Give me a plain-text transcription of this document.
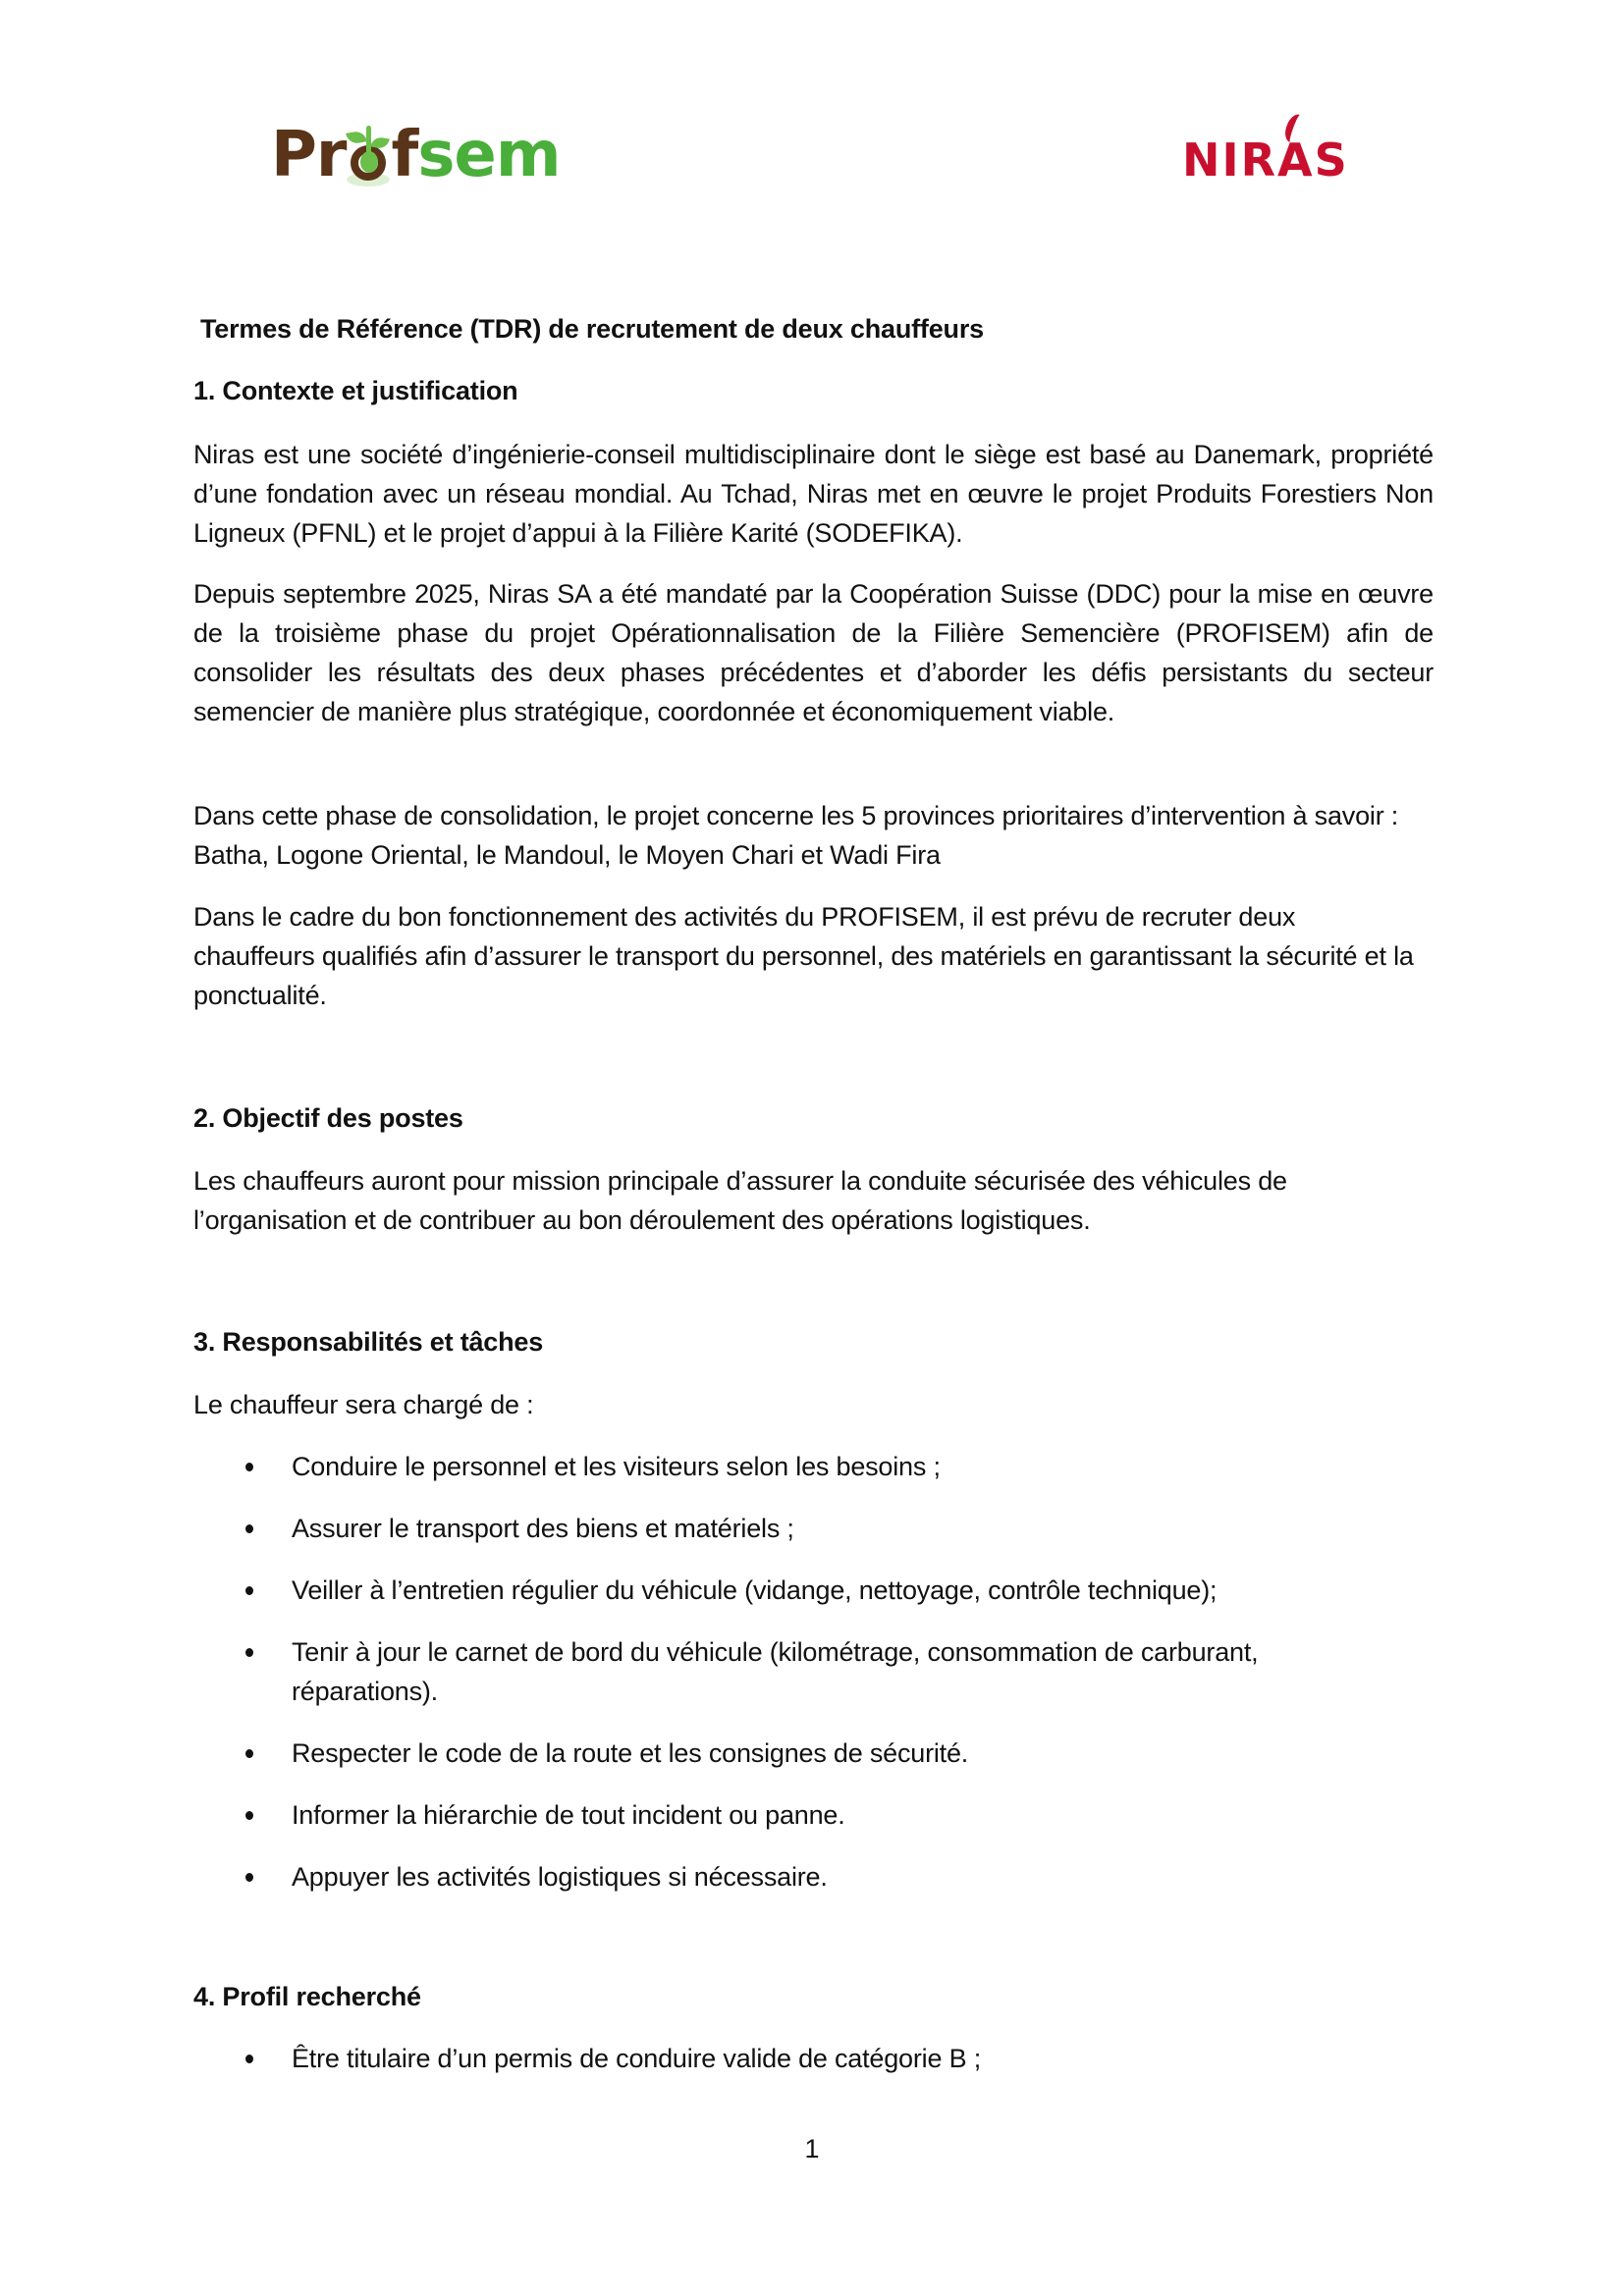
Pr f sem	NIR AS
Termes de Référence (TDR) de recrutement de deux chauffeurs
1. Contexte et justification

Niras est une société d’ingénierie-conseil multidisciplinaire dont le siège est basé au Danemark, propriété d’une fondation avec un réseau mondial. Au Tchad, Niras met en œuvre le projet Produits Forestiers Non Ligneux (PFNL) et le projet d’appui à la Filière Karité (SODEFIKA).

Depuis septembre 2025, Niras SA a été mandaté par la Coopération Suisse (DDC) pour la mise en œuvre de la troisième phase du projet Opérationnalisation de la Filière Semencière (PROFISEM) afin de consolider les résultats des deux phases précédentes et d’aborder les défis persistants du secteur semencier de manière plus stratégique, coordonnée et économiquement viable.

Dans cette phase de consolidation, le projet concerne les 5 provinces prioritaires d’intervention à savoir : Batha, Logone Oriental, le Mandoul, le Moyen Chari et Wadi Fira

Dans le cadre du bon fonctionnement des activités du PROFISEM, il est prévu de recruter deux chauffeurs qualifiés afin d’assurer le transport du personnel, des matériels en garantissant la sécurité et la ponctualité.

2. Objectif des postes

Les chauffeurs auront pour mission principale d’assurer la conduite sécurisée des véhicules de l’organisation et de contribuer au bon déroulement des opérations logistiques.

3. Responsabilités et tâches

Le chauffeur sera chargé de :

Conduire le personnel et les visiteurs selon les besoins ;
Assurer le transport des biens et matériels ;
Veiller à l’entretien régulier du véhicule (vidange, nettoyage, contrôle technique);
Tenir à jour le carnet de bord du véhicule (kilométrage, consommation de carburant, réparations).
Respecter le code de la route et les consignes de sécurité.
Informer la hiérarchie de tout incident ou panne.
Appuyer les activités logistiques si nécessaire.
4. Profil recherché
Être titulaire d’un permis de conduire valide de catégorie B ;
1
